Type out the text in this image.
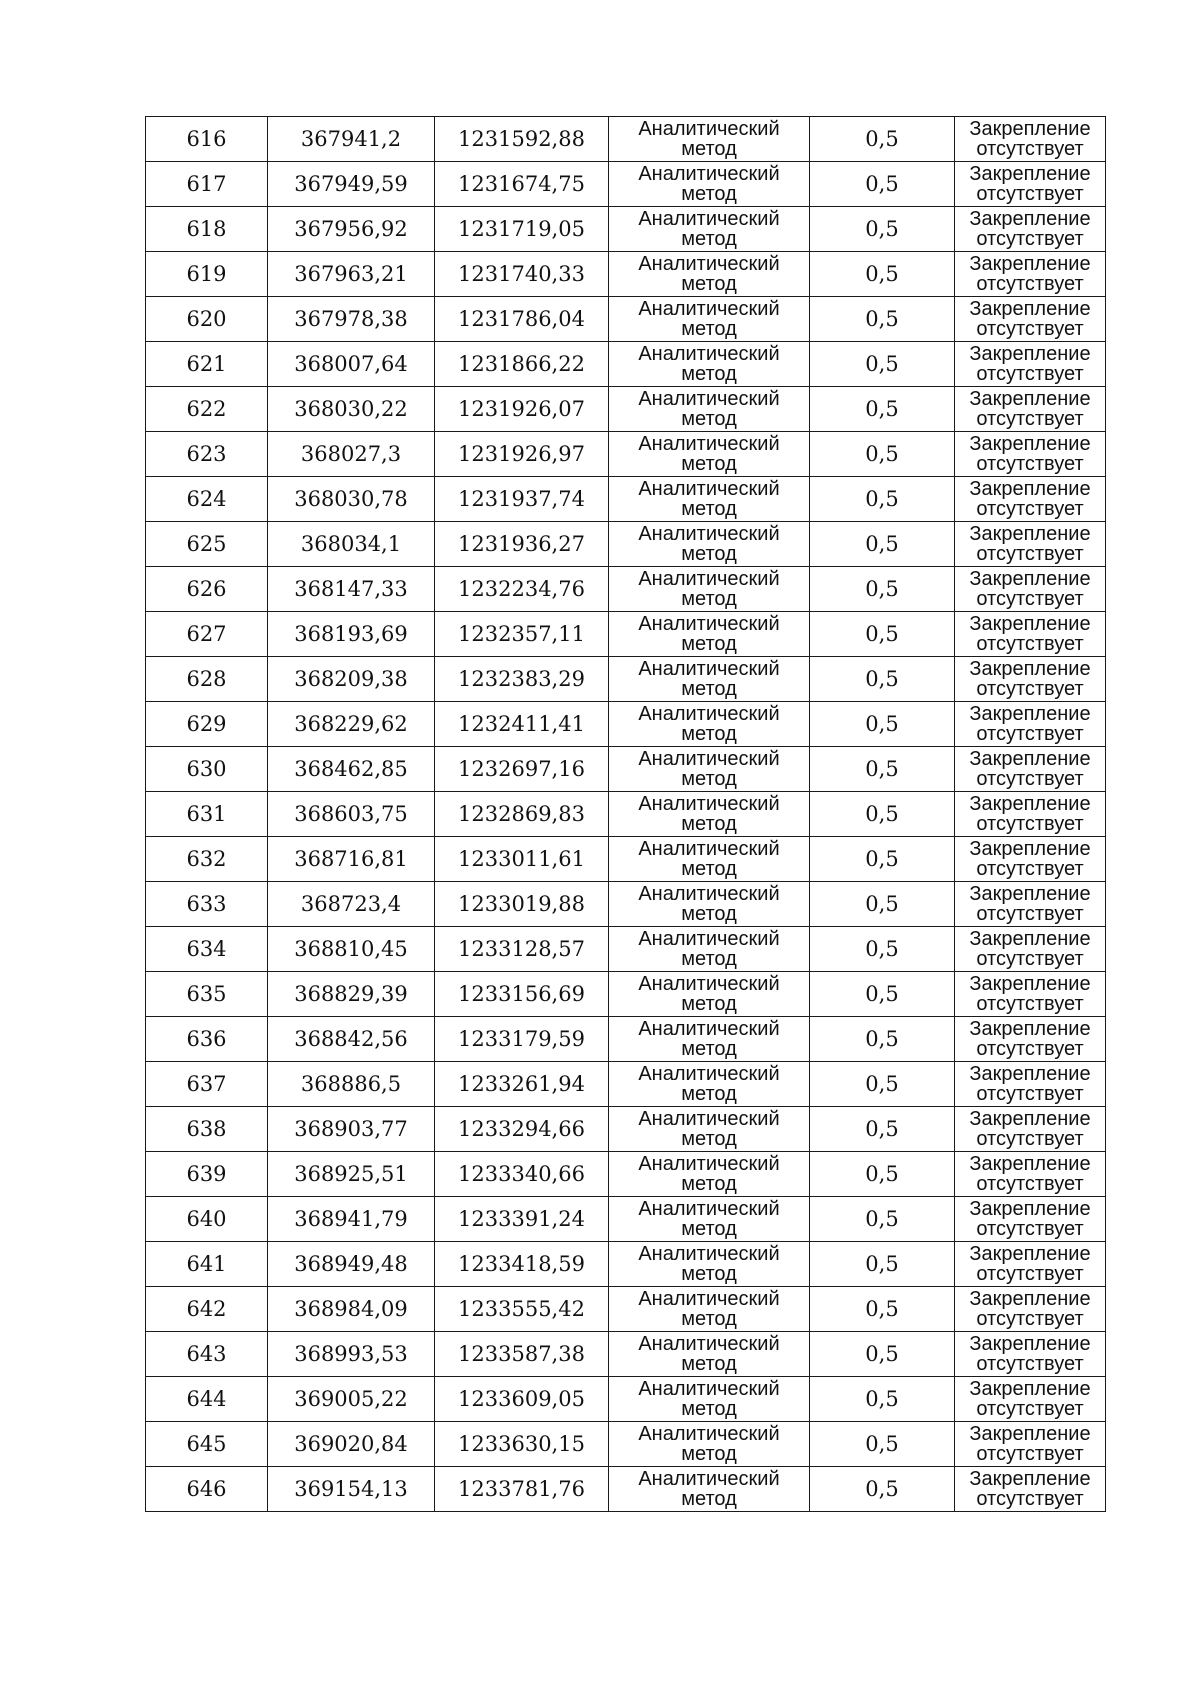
616	367941,2	1231592,88	Аналитический
метод	0,5	Закрепление
отсутствует

617	367949,59	1231674,75	Аналитический
метод	0,5	Закрепление
отсутствует

618	367956,92	1231719,05	Аналитический
метод	0,5	Закрепление
отсутствует

619	367963,21	1231740,33	Аналитический
метод	0,5	Закрепление
отсутствует

620	367978,38	1231786,04	Аналитический
метод	0,5	Закрепление
отсутствует

621	368007,64	1231866,22	Аналитический
метод	0,5	Закрепление
отсутствует

622	368030,22	1231926,07	Аналитический
метод	0,5	Закрепление
отсутствует

623	368027,3	1231926,97	Аналитический
метод	0,5	Закрепление
отсутствует

624	368030,78	1231937,74	Аналитический
метод	0,5	Закрепление
отсутствует

625	368034,1	1231936,27	Аналитический
метод	0,5	Закрепление
отсутствует

626	368147,33	1232234,76	Аналитический
метод	0,5	Закрепление
отсутствует

627	368193,69	1232357,11	Аналитический
метод	0,5	Закрепление
отсутствует

628	368209,38	1232383,29	Аналитический
метод	0,5	Закрепление
отсутствует

629	368229,62	1232411,41	Аналитический
метод	0,5	Закрепление
отсутствует

630	368462,85	1232697,16	Аналитический
метод	0,5	Закрепление
отсутствует

631	368603,75	1232869,83	Аналитический
метод	0,5	Закрепление
отсутствует

632	368716,81	1233011,61	Аналитический
метод	0,5	Закрепление
отсутствует

633	368723,4	1233019,88	Аналитический
метод	0,5	Закрепление
отсутствует

634	368810,45	1233128,57	Аналитический
метод	0,5	Закрепление
отсутствует

635	368829,39	1233156,69	Аналитический
метод	0,5	Закрепление
отсутствует

636	368842,56	1233179,59	Аналитический
метод	0,5	Закрепление
отсутствует

637	368886,5	1233261,94	Аналитический
метод	0,5	Закрепление
отсутствует

638	368903,77	1233294,66	Аналитический
метод	0,5	Закрепление
отсутствует

639	368925,51	1233340,66	Аналитический
метод	0,5	Закрепление
отсутствует

640	368941,79	1233391,24	Аналитический
метод	0,5	Закрепление
отсутствует

641	368949,48	1233418,59	Аналитический
метод	0,5	Закрепление
отсутствует

642	368984,09	1233555,42	Аналитический
метод	0,5	Закрепление
отсутствует

643	368993,53	1233587,38	Аналитический
метод	0,5	Закрепление
отсутствует

644	369005,22	1233609,05	Аналитический
метод	0,5	Закрепление
отсутствует

645	369020,84	1233630,15	Аналитический
метод	0,5	Закрепление
отсутствует

646	369154,13	1233781,76	Аналитический
метод	0,5	Закрепление
отсутствует
